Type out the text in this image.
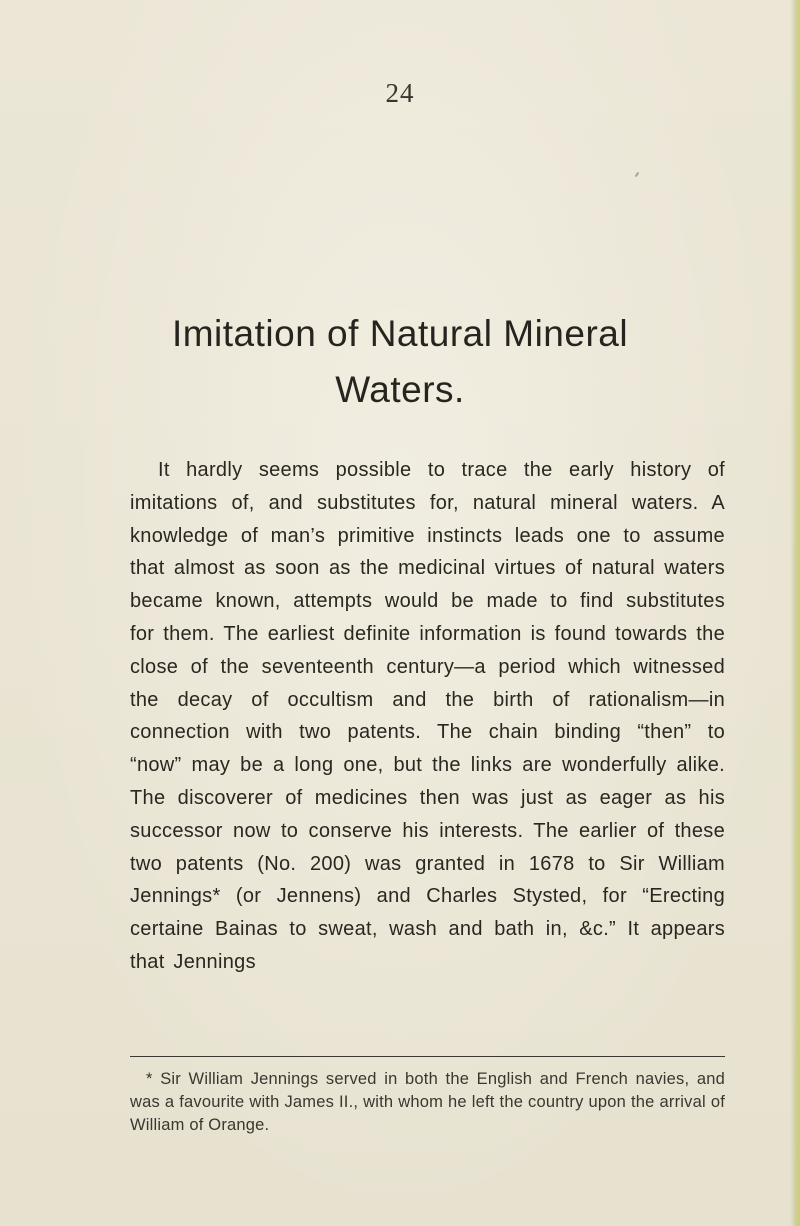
24
Imitation of Natural Mineral
Waters.

It hardly seems possible to trace the early history of imitations of, and substitutes for, natural mineral waters. A knowledge of man’s primitive instincts leads one to assume that almost as soon as the medicinal virtues of natural waters became known, attempts would be made to find substitutes for them. The earliest definite information is found towards the close of the seventeenth century—a period which witnessed the decay of occultism and the birth of rationalism—in connection with two patents. The chain binding “then” to “now” may be a long one, but the links are wonderfully alike. The discoverer of medicines then was just as eager as his successor now to conserve his interests. The earlier of these two patents (No. 200) was granted in 1678 to Sir William Jennings* (or Jennens) and Charles Stysted, for “Erecting certaine Bainas to sweat, wash and bath in, &c.” It appears that Jennings

* Sir William Jennings served in both the English and French navies, and was a favourite with James II., with whom he left the country upon the arrival of William of Orange.
